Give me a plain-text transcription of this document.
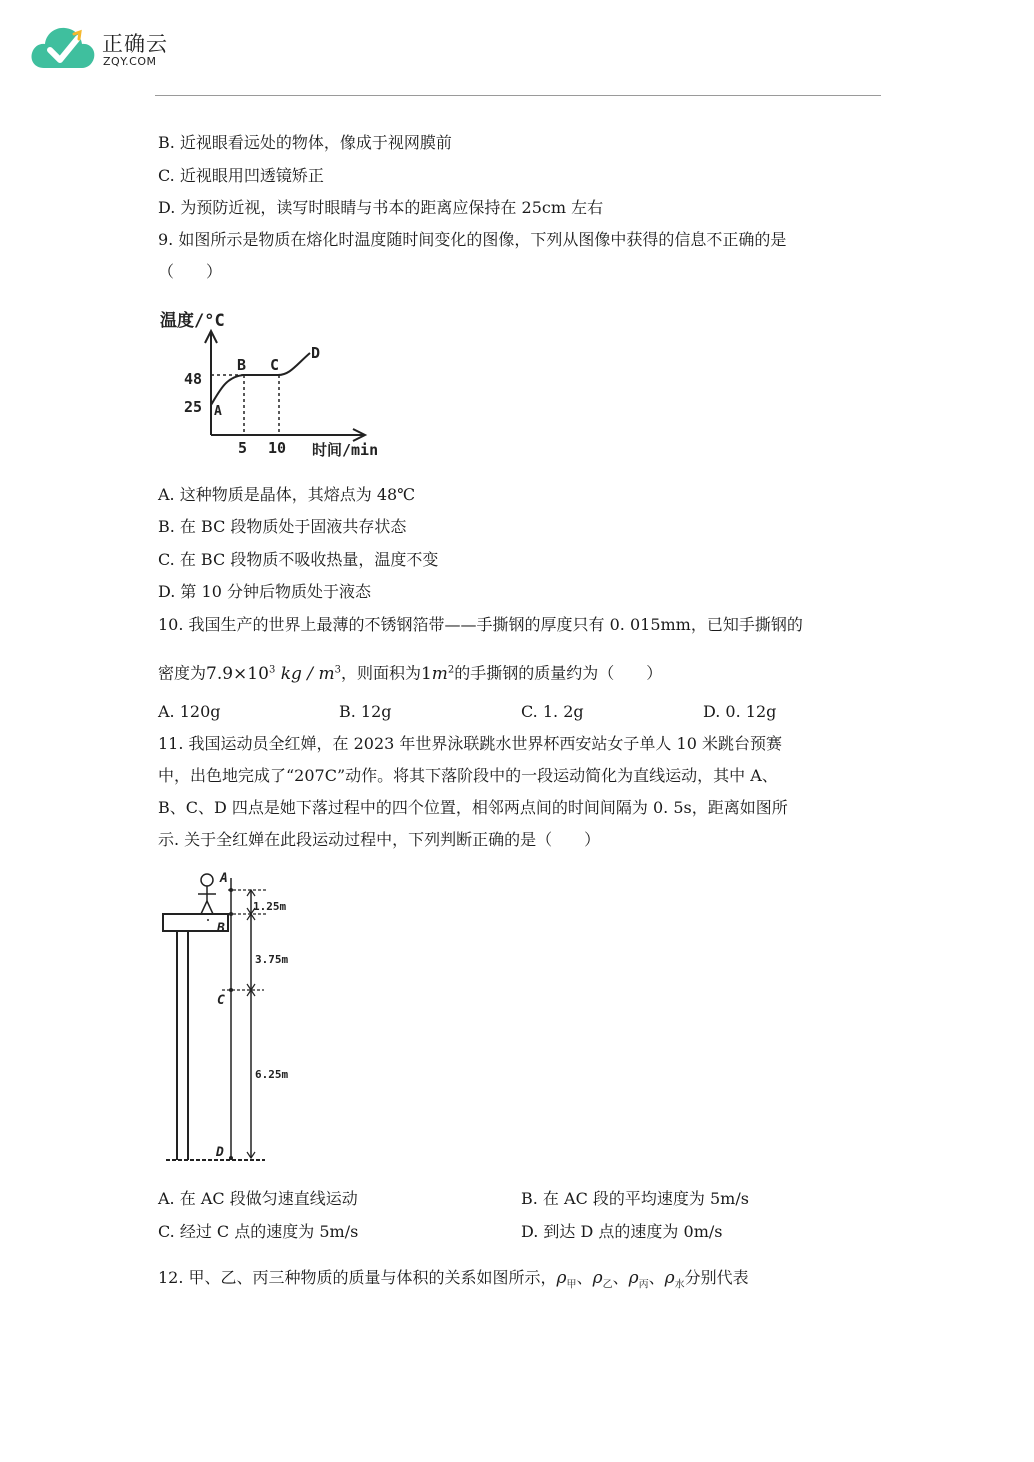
正确云
ZQY.COM
B. 近视眼看远处的物体，像成于视网膜前
C. 近视眼用凹透镜矫正
D. 为预防近视，读写时眼睛与书本的距离应保持在 25cm 左右
9. 如图所示是物质在熔化时温度随时间变化的图像，下列从图像中获得的信息不正确的是
（　　）
温度/°C
48
25 A
B C
D
5 10 时间/min
A. 这种物质是晶体，其熔点为 48℃
B. 在 BC 段物质处于固液共存状态
C. 在 BC 段物质不吸收热量，温度不变
D. 第 10 分钟后物质处于液态
10. 我国生产的世界上最薄的不锈钢箔带——手撕钢的厚度只有 0. 015mm，已知手撕钢的
密度为$7.9\times 10^3$ kg / $m^3$，则面积为$1m^2$的手撕钢的质量约为（　　）
A. 120g	B. 12g	C. 1. 2g	D. 0. 12g
11. 我国运动员全红婵，在 2023 年世界泳联跳水世界杯西安站女子单人 10 米跳台预赛
中，出色地完成了“207C”动作。将其下落阶段中的一段运动简化为直线运动，其中 A、
B、C、D 四点是她下落过程中的四个位置，相邻两点间的时间间隔为 0. 5s，距离如图所
示. 关于全红婵在此段运动过程中，下列判断正确的是（　　）
A
B
C
D
1.25m
3.75m
6.25m
A. 在 AC 段做匀速直线运动	B. 在 AC 段的平均速度为 5m/s
C. 经过 C 点的速度为 5m/s	D. 到达 D 点的速度为 0m/s
12. 甲、乙、丙三种物质的质量与体积的关系如图所示，$\rho_甲$、$\rho_乙$、$\rho_丙$、$\rho_水$分别代表
